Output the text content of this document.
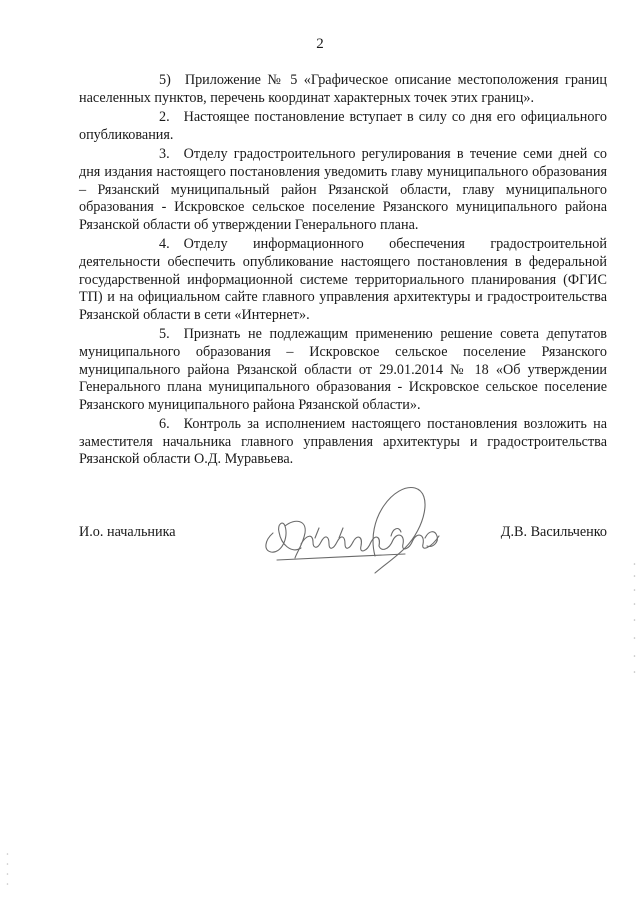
2

5) Приложение № 5 «Графическое описание местоположения границ населенных пунктов, перечень координат характерных точек этих границ».

2. Настоящее постановление вступает в силу со дня его официального опубликования.

3. Отделу градостроительного регулирования в течение семи дней со дня издания настоящего постановления уведомить главу муниципального образования – Рязанский муниципальный район Рязанской области, главу муниципального образования - Искровское сельское поселение Рязанского муниципального района Рязанской области об утверждении Генерального плана.

4. Отделу информационного обеспечения градостроительной деятельности обеспечить опубликование настоящего постановления в федеральной государственной информационной системе территориального планирования (ФГИС ТП) и на официальном сайте главного управления архитектуры и градостроительства Рязанской области в сети «Интернет».

5. Признать не подлежащим применению решение совета депутатов муниципального образования – Искровское сельское поселение Рязанского муниципального района Рязанской области от 29.01.2014 № 18 «Об утверждении Генерального плана муниципального образования - Искровское сельское поселение Рязанского муниципального района Рязанской области».

6. Контроль за исполнением настоящего постановления возложить на заместителя начальника главного управления архитектуры и градостроительства Рязанской области О.Д. Муравьева.

И.о. начальника	Д.В. Васильченко
